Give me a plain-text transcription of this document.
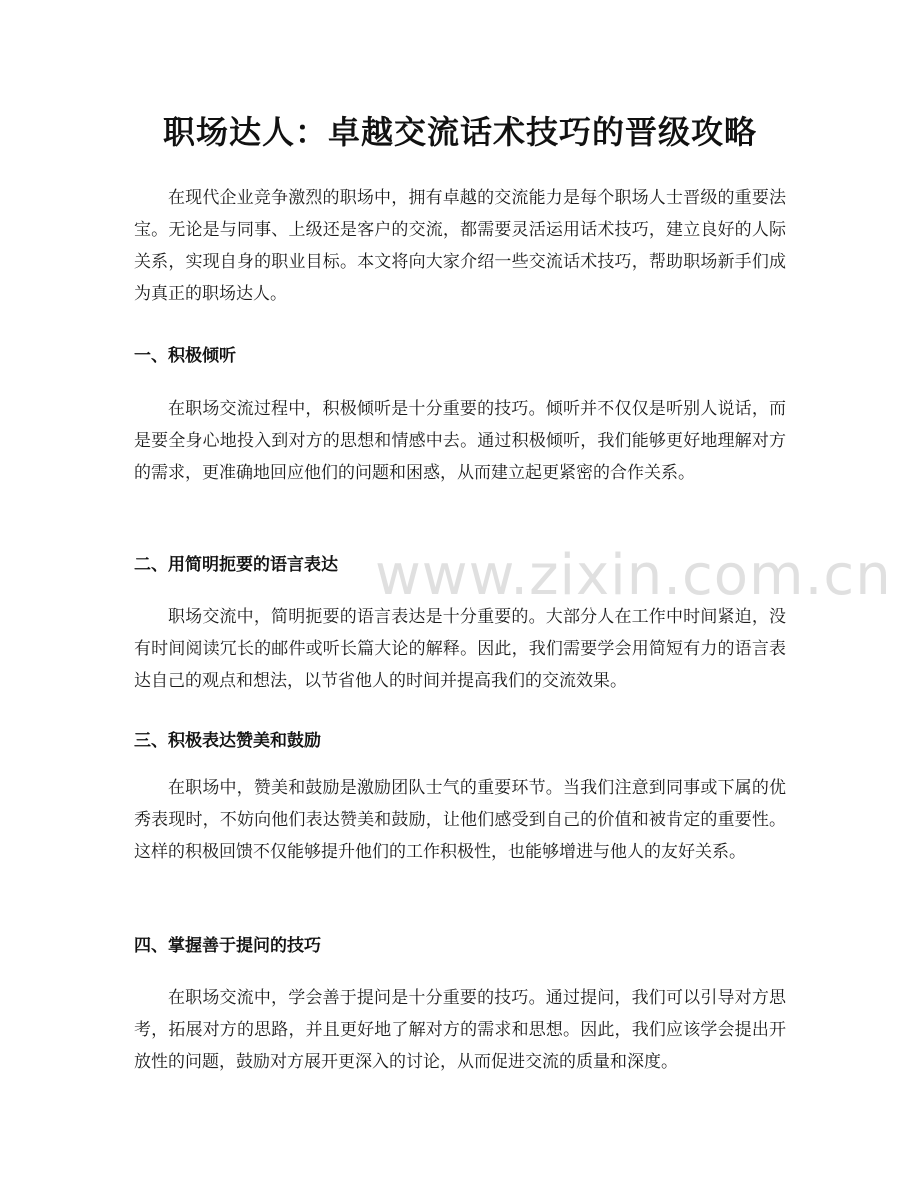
职场达人：卓越交流话术技巧的晋级攻略

在现代企业竞争激烈的职场中，拥有卓越的交流能力是每个职场人士晋级的重要法宝。无论是与同事、上级还是客户的交流，都需要灵活运用话术技巧，建立良好的人际关系，实现自身的职业目标。本文将向大家介绍一些交流话术技巧，帮助职场新手们成为真正的职场达人。

一、积极倾听

在职场交流过程中，积极倾听是十分重要的技巧。倾听并不仅仅是听别人说话，而是要全身心地投入到对方的思想和情感中去。通过积极倾听，我们能够更好地理解对方的需求，更准确地回应他们的问题和困惑，从而建立起更紧密的合作关系。

二、用简明扼要的语言表达

职场交流中，简明扼要的语言表达是十分重要的。大部分人在工作中时间紧迫，没有时间阅读冗长的邮件或听长篇大论的解释。因此，我们需要学会用简短有力的语言表达自己的观点和想法，以节省他人的时间并提高我们的交流效果。

三、积极表达赞美和鼓励

在职场中，赞美和鼓励是激励团队士气的重要环节。当我们注意到同事或下属的优秀表现时，不妨向他们表达赞美和鼓励，让他们感受到自己的价值和被肯定的重要性。这样的积极回馈不仅能够提升他们的工作积极性，也能够增进与他人的友好关系。

四、掌握善于提问的技巧

在职场交流中，学会善于提问是十分重要的技巧。通过提问，我们可以引导对方思考，拓展对方的思路，并且更好地了解对方的需求和思想。因此，我们应该学会提出开放性的问题，鼓励对方展开更深入的讨论，从而促进交流的质量和深度。

www.zixin.com.cn
